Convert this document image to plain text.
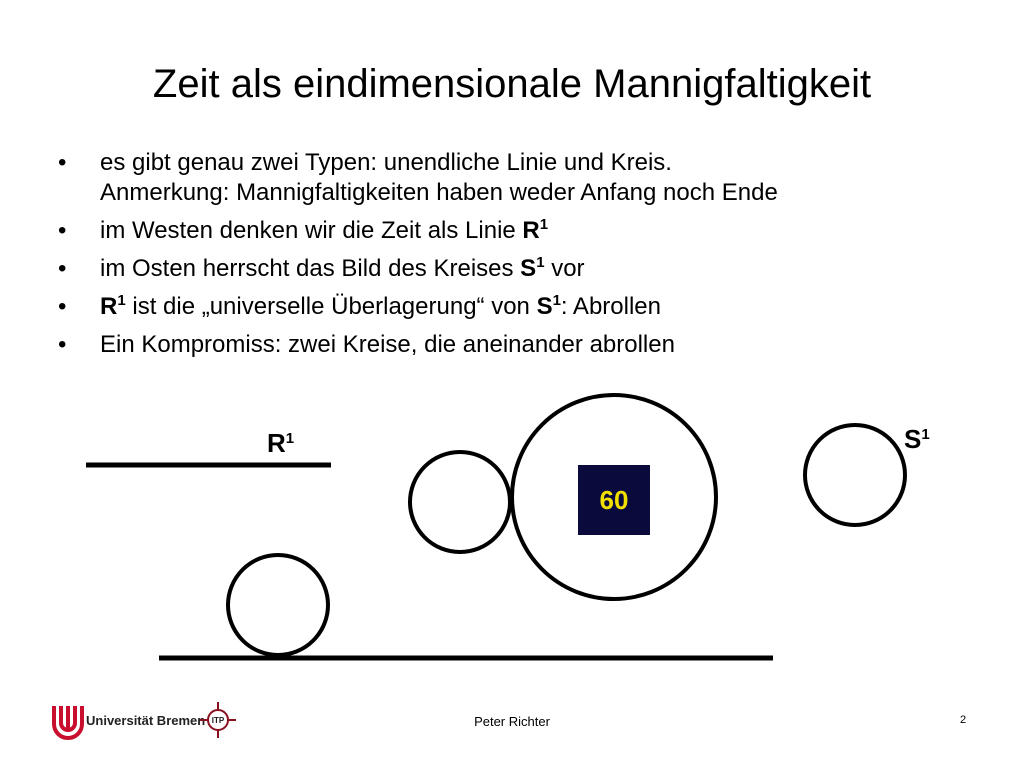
Zeit als eindimensionale Mannigfaltigkeit
• es gibt genau zwei Typen: unendliche Linie und Kreis.
Anmerkung: Mannigfaltigkeiten haben weder Anfang noch Ende
• im Westen denken wir die Zeit als Linie $R^1$
• im Osten herrscht das Bild des Kreises $S^1$ vor
• $R^1$ ist die „universelle Überlagerung“ von $S^1$: Abrollen
• Ein Kompromiss: zwei Kreise, die aneinander abrollen
$R^1$	$S^1$
60
Universität Bremen ITP	Peter Richter	2
